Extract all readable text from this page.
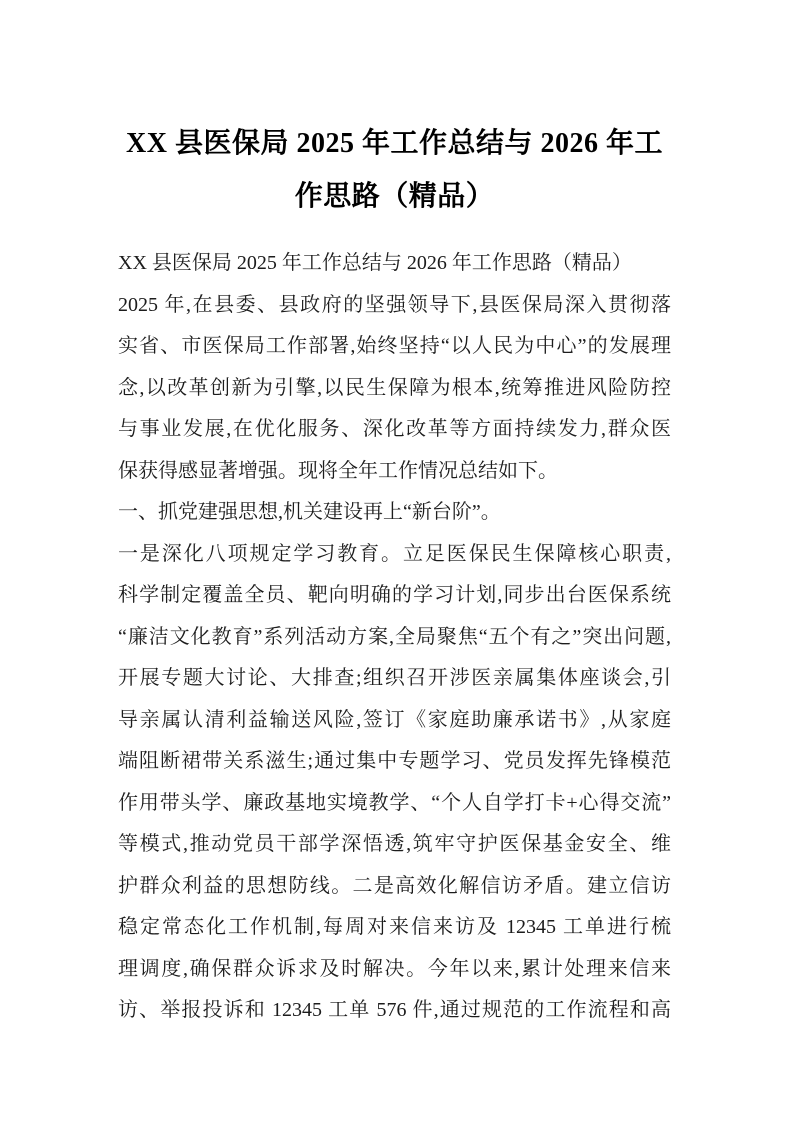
XX 县医保局 2025 年工作总结与 2026 年工
作思路（精品）
XX 县医保局 2025 年工作总结与 2026 年工作思路（精品）
2025 年,在县委、县政府的坚强领导下,县医保局深入贯彻落
实省、市医保局工作部署,始终坚持“以人民为中心”的发展理
念,以改革创新为引擎,以民生保障为根本,统筹推进风险防控
与事业发展,在优化服务、深化改革等方面持续发力,群众医
保获得感显著增强。现将全年工作情况总结如下。
一、抓党建强思想,机关建设再上“新台阶”。
一是深化八项规定学习教育。立足医保民生保障核心职责,
科学制定覆盖全员、靶向明确的学习计划,同步出台医保系统
“廉洁文化教育”系列活动方案,全局聚焦“五个有之”突出问题,
开展专题大讨论、大排查;组织召开涉医亲属集体座谈会,引
导亲属认清利益输送风险,签订《家庭助廉承诺书》,从家庭
端阻断裙带关系滋生;通过集中专题学习、党员发挥先锋模范
作用带头学、廉政基地实境教学、“个人自学打卡+心得交流”
等模式,推动党员干部学深悟透,筑牢守护医保基金安全、维
护群众利益的思想防线。二是高效化解信访矛盾。建立信访
稳定常态化工作机制,每周对来信来访及 12345 工单进行梳
理调度,确保群众诉求及时解决。今年以来,累计处理来信来
访、举报投诉和 12345 工单 576 件,通过规范的工作流程和高
